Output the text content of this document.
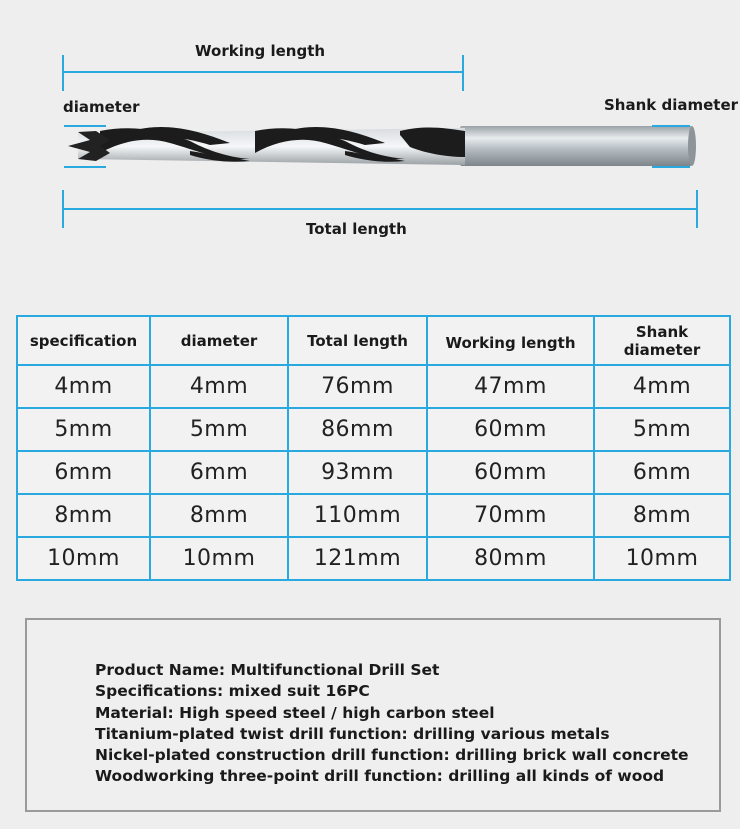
Working length
diameter	Shank diameter
Total length
specification	diameter	Total length	Working length	Shank diameter
4mm	4mm	76mm	47mm	4mm
5mm	5mm	86mm	60mm	5mm
6mm	6mm	93mm	60mm	6mm
8mm	8mm	110mm	70mm	8mm
10mm	10mm	121mm	80mm	10mm
Product Name: Multifunctional Drill Set
Specifications: mixed suit 16PC
Material: High speed steel / high carbon steel
Titanium-plated twist drill function: drilling various metals
Nickel-plated construction drill function: drilling brick wall concrete
Woodworking three-point drill function: drilling all kinds of wood
